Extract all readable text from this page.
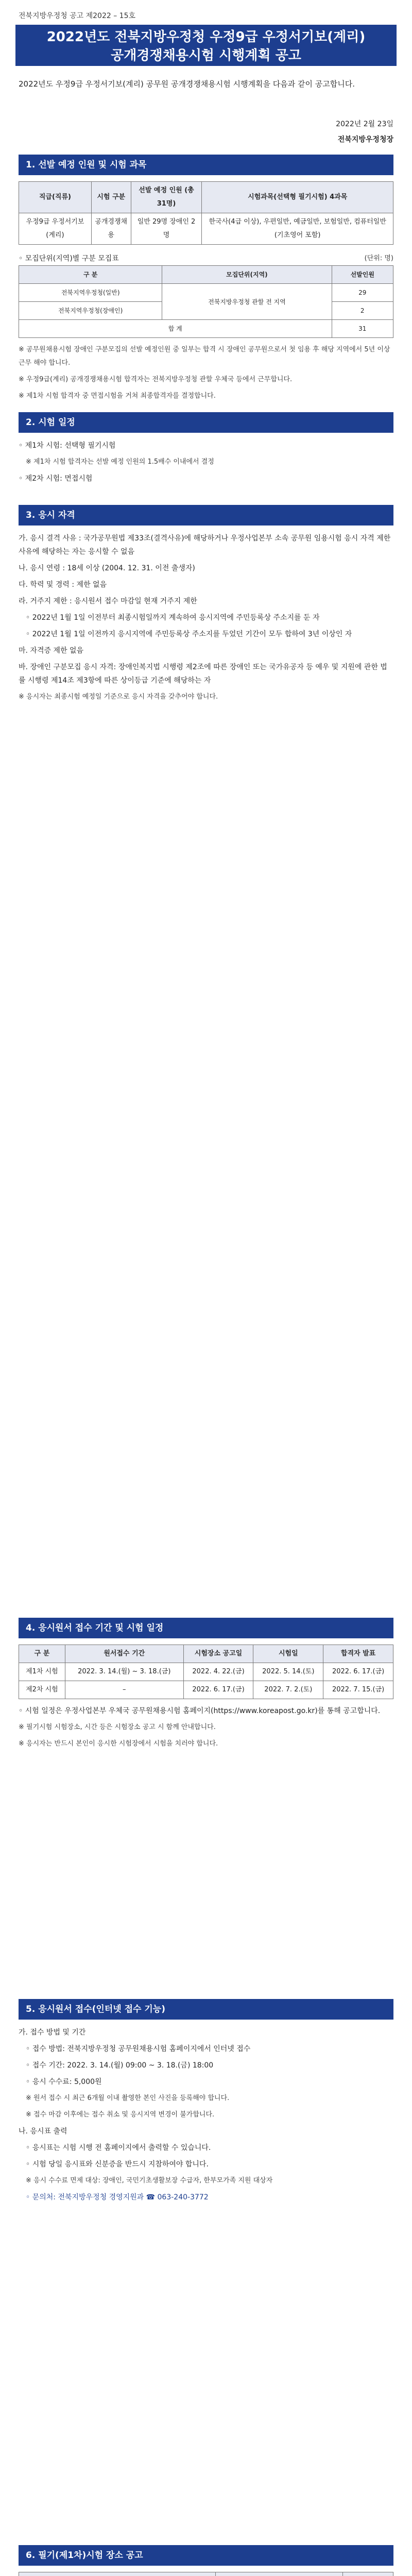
전북지방우정청 공고 제2022 – 15호
2022년도 전북지방우정청 우정9급 우정서기보(계리)
공개경쟁채용시험 시행계획 공고
2022년도 우정9급 우정서기보(계리) 공무원 공개경쟁채용시험 시행계획을 다음과 같이 공고합니다.
2022년 2월 23일
전북지방우정청장
1. 선발 예정 인원 및 시험 과목
직급(직류)	시험 구분	선발 예정 인원 (총 31명)	시험과목(선택형 필기시험) 4과목
우정9급 우정서기보 (계리)	공개경쟁채용	일반 29명 장애인 2명	한국사(4급 이상), 우편일반, 예금일반, 보험일반, 컴퓨터일반(기초영어 포함)
◦ 모집단위(지역)별 구분 모집표	(단위: 명)
구 분	모집단위(지역)	선발인원
전북지역우정청(일반)	전북지방우정청 관할 전 지역	29
전북지역우정청(장애인)		2
합 계		31

※ 공무원채용시험 장애인 구분모집의 선발 예정인원 중 일부는 합격 시 장애인 공무원으로서 첫 임용 후 해당 지역에서 5년 이상 근무 해야 합니다.

※ 우정9급(계리) 공개경쟁채용시험 합격자는 전북지방우정청 관할 우체국 등에서 근무합니다.

※ 제1차 시험 합격자 중 면접시험을 거쳐 최종합격자를 결정합니다.

2. 시험 일정

◦ 제1차 시험: 선택형 필기시험

※ 제1차 시험 합격자는 선발 예정 인원의 1.5배수 이내에서 결정

◦ 제2차 시험: 면접시험

3. 응시 자격

가. 응시 결격 사유 : 국가공무원법 제33조(결격사유)에 해당하거나 우정사업본부 소속 공무원 임용시험 응시 자격 제한 사유에 해당하는 자는 응시할 수 없음

나. 응시 연령 : 18세 이상 (2004. 12. 31. 이전 출생자)

다. 학력 및 경력 : 제한 없음

라. 거주지 제한 : 응시원서 접수 마감일 현재 거주지 제한

◦ 2022년 1월 1일 이전부터 최종시험일까지 계속하여 응시지역에 주민등록상 주소지를 둔 자

◦ 2022년 1월 1일 이전까지 응시지역에 주민등록상 주소지를 두었던 기간이 모두 합하여 3년 이상인 자

마. 자격증 제한 없음

바. 장애인 구분모집 응시 자격: 장애인복지법 시행령 제2조에 따른 장애인 또는 국가유공자 등 예우 및 지원에 관한 법률 시행령 제14조 제3항에 따른 상이등급 기준에 해당하는 자

※ 응시자는 최종시험 예정일 기준으로 응시 자격을 갖추어야 합니다.

4. 응시원서 접수 기간 및 시험 일정
구 분	원서접수 기간	시험장소 공고일	시험일	합격자 발표
제1차 시험	2022. 3. 14.(월) ~ 3. 18.(금)	2022. 4. 22.(금)	2022. 5. 14.(토)	2022. 6. 17.(금)
제2차 시험	–	2022. 6. 17.(금)	2022. 7. 2.(토)	2022. 7. 15.(금)

◦ 시험 일정은 우정사업본부 우체국 공무원채용시험 홈페이지(https://www.koreapost.go.kr)를 통해 공고합니다.

※ 필기시험 시험장소, 시간 등은 시험장소 공고 시 함께 안내합니다.

※ 응시자는 반드시 본인이 응시한 시험장에서 시험을 치러야 합니다.

5. 응시원서 접수(인터넷 접수 기능)

가. 접수 방법 및 기간

◦ 접수 방법: 전북지방우정청 공무원채용시험 홈페이지에서 인터넷 접수

◦ 접수 기간: 2022. 3. 14.(월) 09:00 ~ 3. 18.(금) 18:00

◦ 응시 수수료: 5,000원

※ 원서 접수 시 최근 6개월 이내 촬영한 본인 사진을 등록해야 합니다.

※ 접수 마감 이후에는 접수 취소 및 응시지역 변경이 불가합니다.

나. 응시표 출력

◦ 응시표는 시험 시행 전 홈페이지에서 출력할 수 있습니다.

◦ 시험 당일 응시표와 신분증을 반드시 지참하여야 합니다.

※ 응시 수수료 면제 대상: 장애인, 국민기초생활보장 수급자, 한부모가족 지원 대상자

◦ 문의처: 전북지방우정청 경영지원과 ☎ 063-240-3772

6. 필기(제1차)시험 장소 공고
